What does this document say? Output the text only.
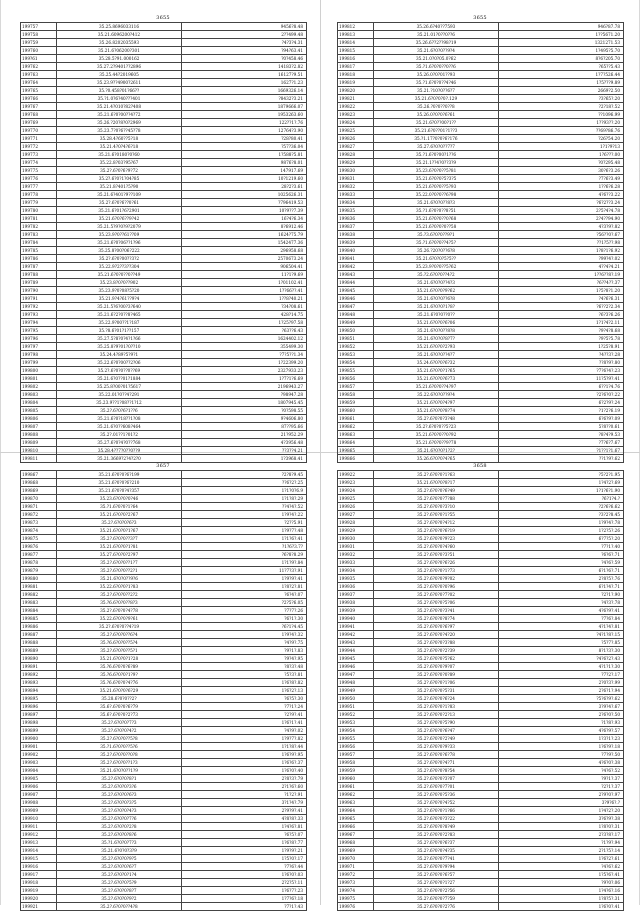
3655
199757	35.25.8696033116	9456?8.48
199758	35.21.6096200?412	2??499.48
199759	35.26.8202035593	?4?3?4.31
199760	35.21.6?06200?301	?94?63.41
199?61	35.28.5?91.000162	?0?458.46
199762	35.27.2?9401??2896	14183?2.82
199763	35.25.44?2019605	16127?9.51
199764	35.23.9??4900?2611	1627?1.23
199765	35.?0.458?01?66??	1669326.14
199766	35.?1.0?6?40???401	?8432?3.21
199767	35.21.4?010?82?408	1879666.07
199768	35.21.6?0?00??4?72	1953263.60
199769	35.26.?20?8?0?2969	122??1?.76
199770	35.23.7?0?6??45?78	12764?3.90
199771	35.28.4?60??5?18	?28?80.41
199772	35.21.4?0?4?6?18	?57?36.04
199773	35.21.6?0180?0?60	1?588?5.81
199774	35.22.8?03?95?67	9876?8.01
199775	35.2?.6?0?6?9?72	147917.69
199776	35.2?.6?0?1?04?85	10?1219.60
199777	35.21.8?401?5?90	28?2?3.61
199778	35.21.6?401?9??109	1025626.31
199779	35.2?.6?0?6??0?61	?796419.53
199780	35.21.6?01?6?2901	10?9??7.39
199781	35.21.6?0?6??9?42	16?4?6.34
199782	35.21.5?9?0?9?2079	8?6912.46
199783	35.23.9?0??61??09	1624?75.79
199784	35.21.6?0?06??1?96	1542477.36
199785	35.25.8?00?06?222	296958.68
199786	35.2?.6?0?00??3?2	2570673.24
199787	35.22.9?2??3??304	906504.41
199788	35.21.6?0?0??0??49	11?1?9.69
199789	35.23.8?0?0??902	1?01102.41
199790	35.23.9?0?08?5?20	1??66??.41
199791	35.21.9?4?61??9?4	1??8?40.21
199792	35.21.5?6?00?3?640	?34?08.61
199793	35.21.6?2?0??8?465	428?14.75
199794	35.22.9?00??1?187	1?25?97.58
199795	35.?8.6?01?1??157	?63??6.43
199796	35.27.5?8?0?4?1?66	1624402.12
199797	35.25.8?9?01?0??10	355499.30
199798	35.24.4?89?5?9?1	?7?5??1.34
199799	35.22.6?0?00??2?06	1?22399.20
199800	35.2?.6?0?0??0??69	2327933.23
199801	35.21.6?0??01?1884	1?7?1?6.69
199802	35.25.8?00?01?5617	2196943.27
199803	35.22.01?0??4?291	?98947.28
199804	35.23.9??1?08??1?12	1807945.45
199805	35.2?.6?0?6?1??6	?0?598.55
199806	35.21.6?0?18??1?08	9?4606.80
199807	35.21.6?0??608?464	87??95.66
199808	35.2?.01??1?01?2	21?952.29
199809	35.27.6?0?4?0??768	4?3956.48
199810	35.28.4??7?0??0??9	??3??4.21
199811	35.21.3669?2?4?2?0	1?3968.41
3655
199812	35.26.6?40??7593	946?87.78
199813	35.21.01?0??0??6	1??5671.20
199814	35.26.6??2??98?19	1321271.53
199815	35.21.6?0?0??9?4	1?495?5.70
199816	35.21.0?0?05.0?62	8?6?205.70
199817	35.?1.6?0?0??0??6	?65??5.43
199818	35.26.0?0?01??93	1?7?526.44
199819	35.?1.6?0?0??4?46	1?5???9.89
199820	35.21.?10?0??6?7	2669?2.50
199821	35.21.6?0?0?0?.129	?3?65?.20
199822	35.26.?0?0??0??8	?2?18?.52
199823	35.26.0?0?0?6?61	??1096.99
199824	35.21.6?0??00?1??	1??93??.20
199825	35.21.6?0??01?1??3	??69?86.76
199826	35.?1.17?0?0?6?176	?26?54.20
199827	35.27.6?0?0??7?7	1?1?9?13
199828	35.?1.6?0?00?1??6	1?6???.00
199829	35.21.1??4?0??3?9	?0?295.48
199830	35.23.6?0?0??5?81	30?6?3.26
199831	35.21.6?0?0?5?3?5	?7?6?3.49
199832	35.21.6?0?0??5?93	1??6?6.28
199833	35.22.0?0?0??6?98	4?6??3.22
199834	35.21.6?0?0??8?3	?6?2??3.24
199835	35.?1.6?0?0??8?51	2?5?4?4.78
199836	35.21.6?0?0??0?68	2?4??94.90
199837	35.21.6?0?0?0??58	4?3?9?.82
199838	35.?3.6?0?0??9?1	?56??0?.67
199839	35.?1.6?0?0??4?5?	??1?5??.98
199840	35.26.?20?0??6?8	1?8?1?6.92
199841	35.21.6?0?0?5?5??	?99?4?.02
199842	35.23.9?0?0??5?62	4??4?4.21
199843	35.?2.6?0?0??4?2	1??6??8?.19
199844	35.21.6?0?0??4?3	?6??4??.37
199845	35.21.6?0?0?9?62	1?5?8?1.20
199846	35.21.6?0?0??6?8	?4?6?6.31
199847	35.21.6?0?0?1?8?	?6??2?2.34
199848	35.21.6?0?0??0??	?6?3?6.26
199849	35.21.6?0?0?6?06	1?1?4?2.11
199850	35.21.6?0?0??8?8	?9?4?8.68
199851	35.21.6?0?0?8?7?	?9?5?5.78
199852	35.21.6?0?0?2?93	1?25?8.91
199853	35.21.6?0?0??4?7	?4??3?.28
199854	35.24.6?0?0?6?32	??8?9?.80
199855	35.21.6?0?0?1?65	?7?6?4?.23
199856	35.21.6?0?0?6?73	11?5?9?.41
199857	35.21.6?0?0??4?97	6??1?4.76
199858	35.22.6?0?0??9?4	?2?6?0?.22
199859	35.21.6?0?0?4?97	6?2?9?.24
199860	35.21.6?0?0?8?74	?1?2?6.19
199861	35.2?.6?0?0?3?48	6?6?9?.09
199862	35.2?.6?0?0??5?23	5?8??0.61
199863	35.21.6?0?0??0?92	?8?4?9.53
199864	35.21.6?0?0??9?78	?7?6?7.67
199865	35.21.6?0?0?1?2?	?1??1?1.67
199866	35.26.6?0?0?4?65	??1?9?.62
3657
199867	35.21.6?0?0?6?199	?2?8?9.45
199868	35.21.6?0?0?6?210	??6?2?.25
199869	35.21.6?0?0?4?357	1?1?0?6.9
199870	35.23.6?0?0?0?46	1?1?8?.29
199871	35.?1.6?0?0?1?64	??4?4?.52
199872	35.21.6?0?0?2?67	1?9?4?.22
199873	35.2?.6?0?0?6?3	?2??5.91
199874	35.21.6?0?0?1?67	1?9?7?.48
199875	35.2?.6?0?0??3?7	1?1?6?.41
199876	35.21.6?0?0?1?81	?1?6?3.7?
199877	35.27.6?0?0?2?97	?6?8?8.29
199878	35.2?.6?0?0??1?7	1?1?9?.84
199879	35.2?.6?0?0??2?1	11?7?3?.91
199880	35.21.6?0?0??9?6	1?9?9?.41
199881	35.22.6?0?0?1?83	1?8?2?.81
199882	35.2?.6?0?0??2?2	?6?4?.07
199883	35.?6.6?0?0??8?3	?2?5?6.05
199884	35.2?.6?0?0?4?78	?7?7?.26
199885	35.22.6?0?0?9?61	?6?1?.30
199886	35.2?.6?0?0??4?19	?6?1?4.45
199887	35.2?.6?0?0??6?4	1?9?4?.32
199888	35.?6.6?0?0??5?4	?4?9?.75
199889	35.2?.6?0?0??5?1	?9?1?.83
199890	35.21.6?0?0?1?28	?9?4?.95
199891	35.?6.6?0?0?6?89	?8?3?.48
199892	35.?6.6?0?0?1?9?	?5?3?.81
199893	35.?6.6?0?0?4?76	1?6?8?.82
199894	35.21.6?0?0?6?29	1?6?2?.13
199895	35.28.6?0?0??2?	?6?5?.30
199896	35.6?.6?0?0?6?79	?7?1?.24
199897	35.6?.6?0?0?2?73	?2?9?.41
199898	35.2?.6?0?0?7?3	1?6?1?.41
199899	35.2?.6?0?0?4?2	?4?9?.02
199900	35.2?.6?0?0??5?8	1?9?7?.82
199901	35.?1.6?0?0??5?6	1?1?8?.44
199902	35.2?.6?0?0??0?8	1?6?9?.95
199903	35.2?.6?0?0??1?3	1?6?6?.37
199904	35.21.6?0?0??1?9	1?6?0?.40
199905	35.2?.6?0?0?8?1	2?8?3?.79
199906	35.2?.6?0?0?3?6	2?1?6?.60
199907	35.2?.6?0?0?6?3	?1?2?.91
199908	35.2?.6?0?0?3?5	3?1?4?.79
199909	35.2?.6?0?0?4?3	2?9?9?.41
199910	35.2?.6?0?0?7?6	4?8?8?.33
199911	35.2?.6?0?0?2?8	1?4?6?.81
199912	35.2?.6?0?0?8?6	?6?5?.07
199913	35.?1.6?0?0?7?3	1?6?8?.77
199914	35.21.6?0?0?3?9	1?9?9?.21
199915	35.2?.6?0?0?9?5	1?5?0?.17
199916	35.2?.6?0?0?6?7	?7?6?.44
199917	35.2?.6?0?0?1?4	1?6?0?.03
199918	35.2?.6?0?0?5?9	2?2?5?.11
199919	35.2?.6?0?0?8?7	1?6?7?.23
199920	35.2?.6?0?0?9?2	1?7?6?.18
199921	35.2?.6?0?0??4?8	?7?1?.43
3658
199922	35.2?.6?0?0?1?63	?5?2?1.95
199923	35.21.6?0?0?8?17	1?4?2?.69
199924	35.2?.6?0?0?6?49	1?1?6?1.90
199925	35.2?.6?0?0?7?88	?6?1?4.?
199926	35.2?.6?0?0?3?10	?2?6?6.62
199927	35.2?.6?0?0?1?55	?3?2?8.45
199928	35.2?.6?0?0?4?12	1?9?4?.78
199929	35.2?.6?0?0?6?19	1?2?5?.26
199930	35.2?.6?0?0?9?23	6?7?5?.20
199931	35.2?.6?0?0?4?60	?7?1?.40
199932	35.2?.6?0?0?3?51	?6?6?.71
199933	35.2?.6?0?0?6?26	?4?6?.59
199934	35.2?.6?0?0?1?73	6?1?6?.71
199935	35.2?.6?0?0?9?02	2?8?5?.76
199936	35.2?.6?0?0?0?96	6?1?4?.71
199937	35.2?.6?0?0?7?02	?2?1?.90
199938	35.2?.6?0?0?5?06	?4?3?.78
199939	35.2?.6?0?0?3?41	4?6?9?.41
199940	35.2?.6?0?0?8?74	?7?6?.84
199941	35.2?.6?0?0?6?97	4?1?4?.81
199942	35.2?.6?0?0?4?20	?4?1?8?.15
199943	35.2?.6?0?0?3?88	?5?7?.85
199944	35.2?.6?0?0?2?39	8?1?3?.30
199945	35.2?.6?0?0?5?62	?4?6?2?.43
199946	35.2?.6?0?0?9?07	4?1?1?.30
199947	35.2?.6?0?0?0?89	?7?2?.17
199948	35.2?.6?0?0?1?06	2?0?3?.99
199949	35.2?.6?0?0?5?31	2?6?1?.94
199950	35.2?.6?0?0?6?24	?5?6?9?.62
199951	35.2?.6?0?0?1?83	3?9?4?.67
199952	35.2?.6?0?0?2?13	2?6?0?.50
199953	35.2?.6?0?0?5?90	?1?8?.93
199954	35.2?.6?0?0?6?47	4?6?9?.57
199955	35.2?.6?0?0?2?49	1?3?1?.23
199956	35.2?.6?0?0?9?33	1?6?9?.18
199957	35.2?.6?0?0?6?78	?7?9?.50
199958	35.2?.6?0?0?4?71	4?6?0?.38
199959	35.2?.6?0?0?8?54	?4?6?.52
199960	35.2?.6?0?0?3?07	?9?1?.37
199961	35.2?.6?0?0?7?01	?2?1?.37
199962	35.2?.6?0?0?5?36	2?9?0?.97
199963	35.2?.6?0?0?4?52	3?9?6?.?
199964	35.2?.6?0?0?1?66	1?4?2?.20
199965	35.2?.6?0?0?3?22	3?6?9?.38
199966	35.2?.6?0?0?8?49	1?8?0?.31
199967	35.2?.6?0?0?2?83	2?3?8?.17
199968	35.2?.6?0?0?6?37	?1?9?.94
199969	35.2?.6?0?0?4?35	2?1?5?.14
199970	35.2?.6?0?0?7?41	1?6?2?.61
199971	35.2?.6?0?0?9?94	?4?6?.62
199972	35.2?.6?0?0?6?57	1?5?6?.41
199973	35.2?.6?0?0?1?27	?9?0?.06
199974	35.2?.6?0?0?2?56	1?4?6?.16
199975	35.2?.6?0?0?7?59	1?8?5?.31
199976	35.2?.6?0?0?2?76	1?6?0?.41
